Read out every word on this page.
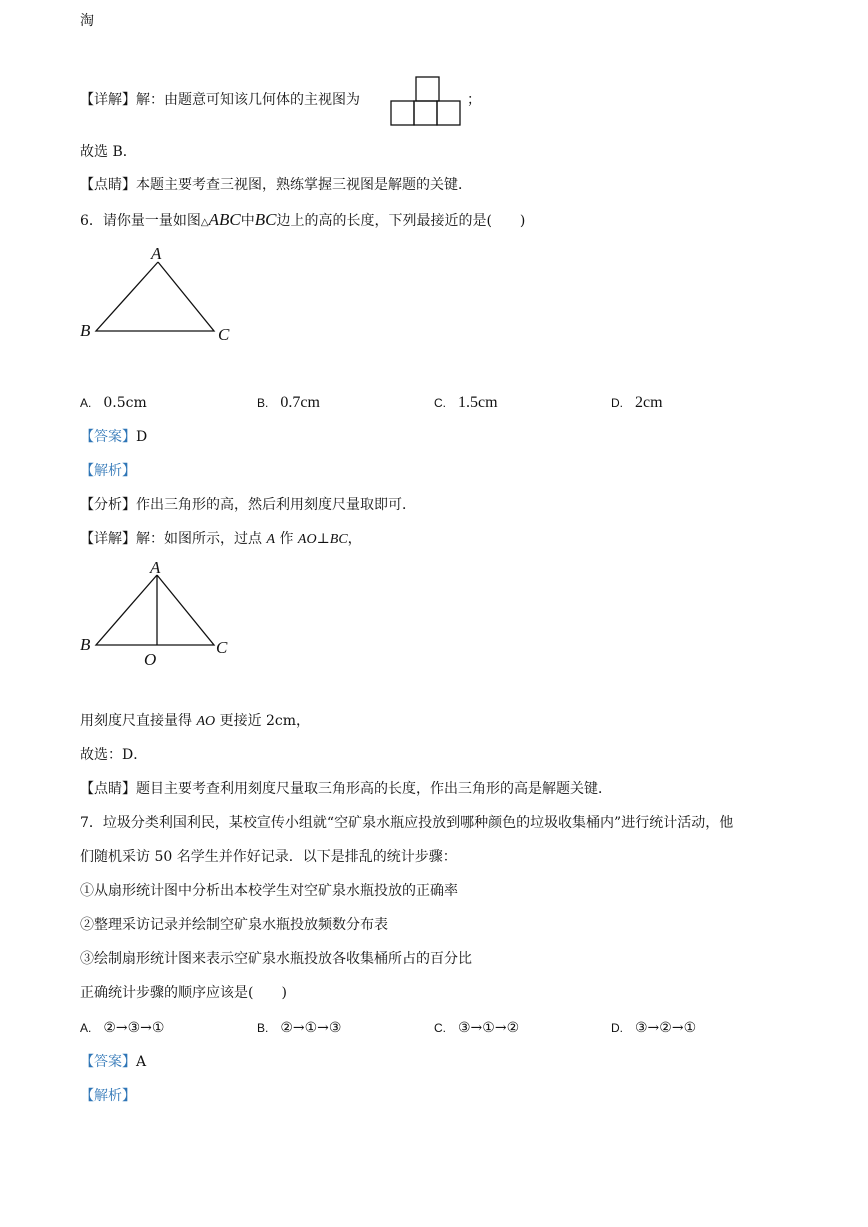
淘
【详解】解：由题意可知该几何体的主视图为	；
故选 B．
【点睛】本题主要考查三视图，熟练掌握三视图是解题的关键．
6．请你量一量如图△ABC中BC边上的高的长度，下列最接近的是(　　)
A
B	C
A. 0.5cm	B. 0.7cm	C. 1.5cm	D. 2cm
【答案】D
【解析】
【分析】作出三角形的高，然后利用刻度尺量取即可．
【详解】解：如图所示，过点 A 作 AO⊥BC，
A
B	C
O
用刻度尺直接量得 AO 更接近 2cm，
故选：D．
【点睛】题目主要考查利用刻度尺量取三角形高的长度，作出三角形的高是解题关键．
7．垃圾分类利国利民，某校宣传小组就“空矿泉水瓶应投放到哪种颜色的垃圾收集桶内”进行统计活动，他
们随机采访 50 名学生并作好记录．以下是排乱的统计步骤：
①从扇形统计图中分析出本校学生对空矿泉水瓶投放的正确率
②整理采访记录并绘制空矿泉水瓶投放频数分布表
③绘制扇形统计图来表示空矿泉水瓶投放各收集桶所占的百分比
正确统计步骤的顺序应该是(　　)
A. ②→③→①	B. ②→①→③	C. ③→①→②	D. ③→②→①
【答案】A
【解析】
